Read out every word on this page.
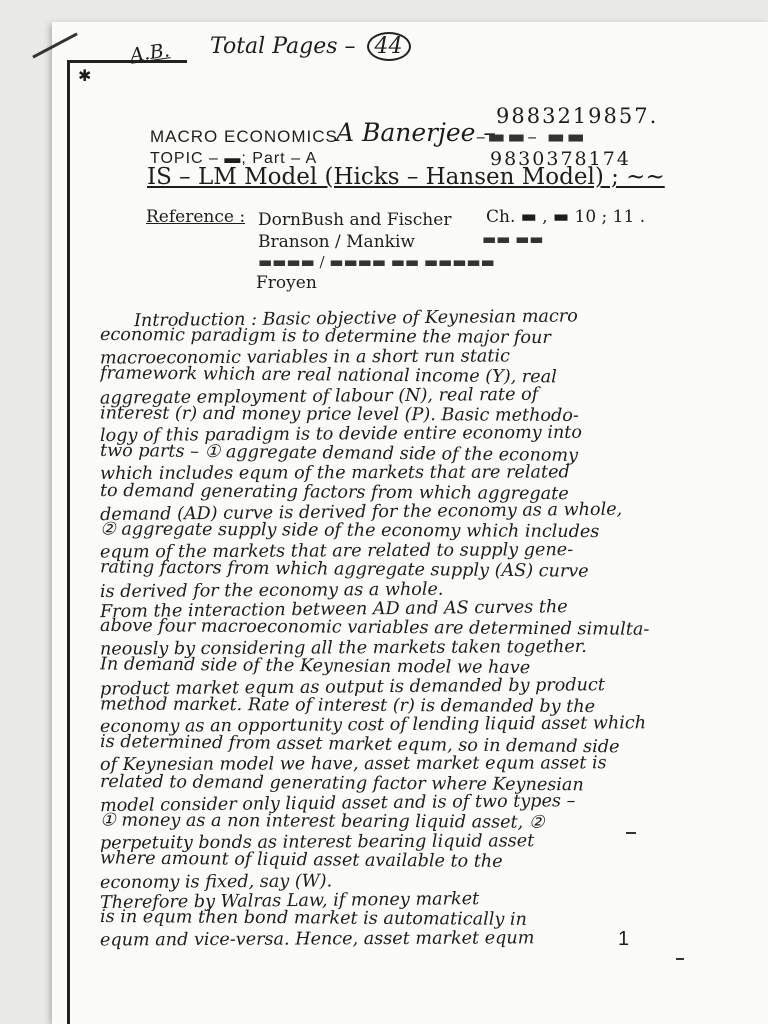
✱
A.B. Total Pages – 44
9883219857.
MACRO ECONOMICS
A Banerjee –
–▬▬– ▬▬
TOPIC – ▬; Part – A	9830378174
IS – LM Model (Hicks – Hansen Model) ; ~~
Reference : DornBush and Fischer Ch. ▬ , ▬ 10 ; 11 .
Branson / Mankiw	▬▬ ▬▬
▬▬▬▬ / ▬▬▬▬ ▬▬ ▬▬▬▬▬
Froyen
Introduction : Basic objective of Keynesian macro
economic paradigm is to determine the major four
macroeconomic variables in a short run static
framework which are real national income (Y), real
aggregate employment of labour (N), real rate of
interest (r) and money price level (P). Basic methodo-
logy of this paradigm is to devide entire economy into
two parts – ① aggregate demand side of the economy
which includes equm of the markets that are related
to demand generating factors from which aggregate
demand (AD) curve is derived for the economy as a whole,
② aggregate supply side of the economy which includes
equm of the markets that are related to supply gene-
rating factors from which aggregate supply (AS) curve
is derived for the economy as a whole.
From the interaction between AD and AS curves the
above four macroeconomic variables are determined simulta-
neously by considering all the markets taken together.
In demand side of the Keynesian model we have
product market equm as output is demanded by product
method market. Rate of interest (r) is demanded by the
economy as an opportunity cost of lending liquid asset which
is determined from asset market equm, so in demand side
of Keynesian model we have, asset market equm asset is
related to demand generating factor where Keynesian
model consider only liquid asset and is of two types –
① money as a non interest bearing liquid asset, ②
perpetuity bonds as interest bearing liquid asset
where amount of liquid asset available to the
economy is fixed, say (W̄).
Therefore by Walras Law, if money market
is in equm then bond market is automatically in
equm and vice-versa. Hence, asset market equm	1
